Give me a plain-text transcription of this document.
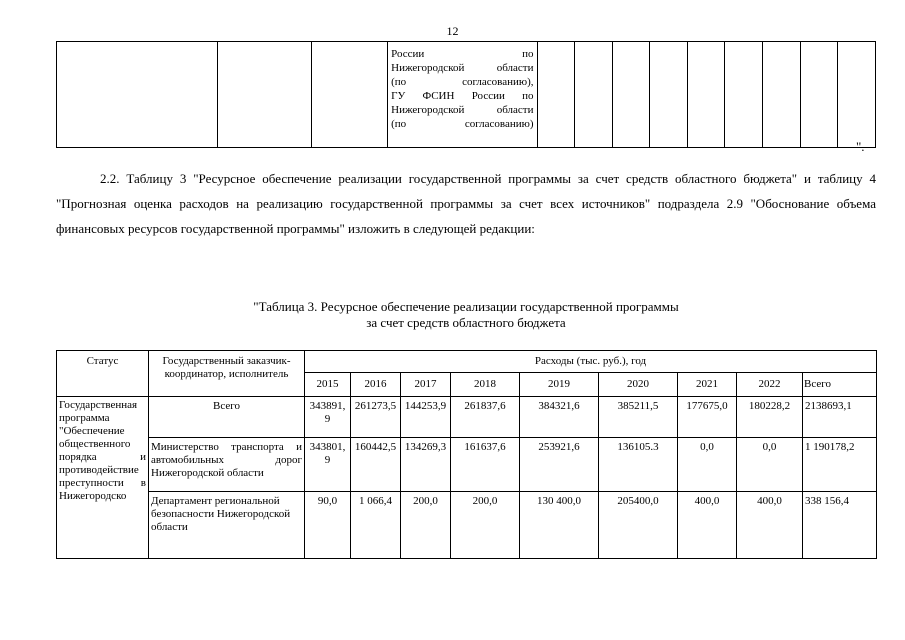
12

России по
Нижегородской области
(по согласованию),
ГУ ФСИН России по
Нижегородской области
(по согласованию)

".
2.2. Таблицу 3 "Ресурсное обеспечение реализации государственной программы за счет средств областного бюджета" и таблицу 4 "Прогнозная оценка расходов на реализацию государственной программы за счет всех источников" подраздела 2.9 "Обоснование объема финансовых ресурсов государственной программы" изложить в следующей редакции:
"Таблица 3. Ресурсное обеспечение реализации государственной программы
за счет средств областного бюджета
Статус	Государственный заказчик-координатор, исполнитель	Расходы (тыс. руб.), год								
		2015	2016	2017	2018	2019	2020	2021	2022	Всего

Государственная программа "Обеспечение общественного порядка и противодействие преступности в Нижегородско	Всего	343891,9	261273,5	144253,9	261837,6	384321,6	385211,5	177675,0	180228,2	2138693,1
	Министерство транспорта и автомобильных дорог Нижегородской области	343801,9	160442,5	134269,3	161637,6	253921,6	136105.3	0,0	0,0	1 190178,2
	Департамент региональной безопасности Нижегородской области	90,0	1 066,4	200,0	200,0	130 400,0	205400,0	400,0	400,0	338 156,4
